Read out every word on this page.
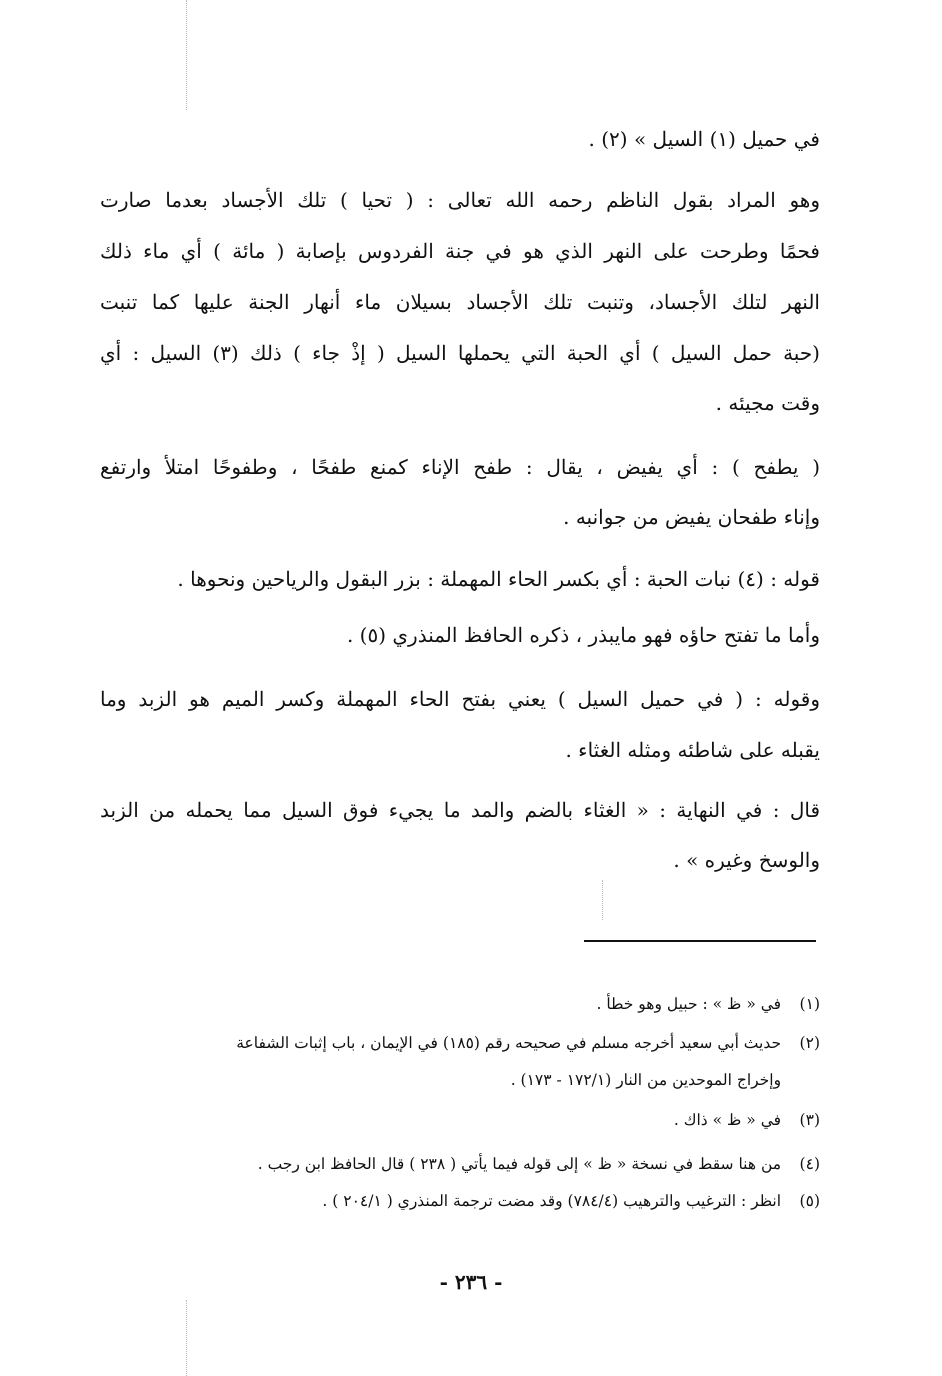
في حميل (١) السيل » (٢) .
وهو المراد بقول الناظم رحمه الله تعالى : ( تحيا ) تلك الأجساد بعدما صارت
فحمًا وطرحت على النهر الذي هو في جنة الفردوس بإصابة ( مائة ) أي ماء ذلك
النهر لتلك الأجساد، وتنبت تلك الأجساد بسيلان ماء أنهار الجنة عليها كما تنبت
(حبة حمل السيل ) أي الحبة التي يحملها السيل ( إذْ جاء ) ذلك (٣) السيل : أي
وقت مجيئه .
( يطفح ) : أي يفيض ، يقال : طفح الإناء كمنع طفحًا ، وطفوحًا امتلأ وارتفع
وإناء طفحان يفيض من جوانبه .
قوله : (٤) نبات الحبة : أي بكسر الحاء المهملة : بزر البقول والرياحين ونحوها .
وأما ما تفتح حاؤه فهو مايبذر ، ذكره الحافظ المنذري (٥) .
وقوله : ( في حميل السيل ) يعني بفتح الحاء المهملة وكسر الميم هو الزبد وما
يقبله على شاطئه ومثله الغثاء .
قال : في النهاية : « الغثاء بالضم والمد ما يجيء فوق السيل مما يحمله من الزبد
والوسخ وغيره » .
(١) في « ظ » : حبيل وهو خطأ .
(٢) حديث أبي سعيد أخرجه مسلم في صحيحه رقم (١٨٥) في الإيمان ، باب إثبات الشفاعة
وإخراج الموحدين من النار (١٧٢/١ - ١٧٣) .
(٣) في « ظ » ذاك .
(٤) من هنا سقط في نسخة « ظ » إلى قوله فيما يأتي ( ٢٣٨ ) قال الحافظ ابن رجب .
(٥) انظر : الترغيب والترهيب (٧٨٤/٤) وقد مضت ترجمة المنذري ( ٢٠٤/١ ) .
- ٢٣٦ -
